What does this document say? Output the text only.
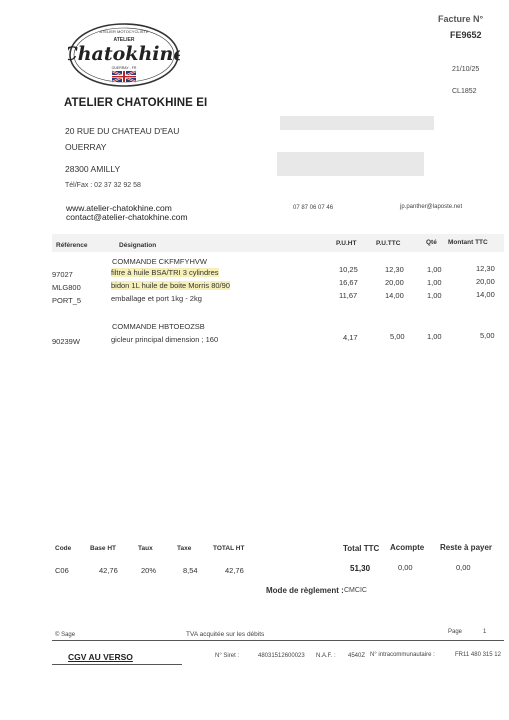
ATELIER MOTOCYCLISTE
ATELIER
Chatokhine
OUERRAY - FR
Facture N°
FE9652
21/10/25
CL1852
ATELIER CHATOKHINE EI
20 RUE DU CHATEAU D'EAU
OUERRAY
28300 AMILLY
Tél/Fax : 02 37 32 92 58
www.atelier-chatokhine.com
contact@atelier-chatokhine.com
07 87 06 07 46	jp.panther@laposte.net
Référence	Désignation	P.U.HT	P.U.TTC	Qté Montant TTC
COMMANDE CKFMFYHVW
97027	filtre à huile BSA/TRI 3 cylindres	10,25	12,30	1,00	12,30
MLG800	bidon 1L huile de boite Morris 80/90	16,67	20,00	1,00	20,00
PORT_5	emballage et port 1kg - 2kg	11,67	14,00	1,00	14,00
COMMANDE HBTOEOZSB
90239W	gicleur principal dimension ; 160	4,17	5,00	1,00	5,00
Code	Base HT	Taux	Taxe	TOTAL HT
C06	42,76	20%	8,54	42,76
Total TTC Acompte Reste à payer
51,30	0,00	0,00
Mode de règlement : CMCIC
© Sage	TVA acquitée sur les débits	Page	1
CGV AU VERSO	N° Siret :	48031512600023 N.A.F. : 4540Z N° intracommunautaire :	FR11 480 315 12
